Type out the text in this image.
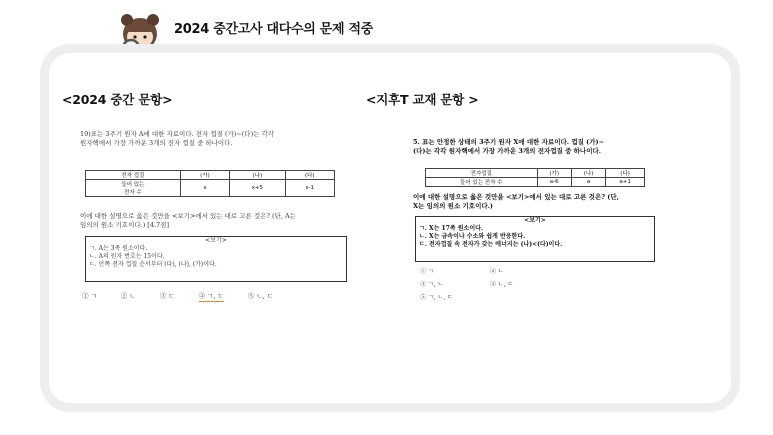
2024 중간고사 대다수의 문제 적중
<2024 중간 문항>	<지후T 교재 문항 >
19)표는 3주기 원자 A에 대한 자료이다. 전자 껍질 (가)~(다)는 각각
원자핵에서 가장 가까운 3개의 전자 껍질 중 하나이다.
전자 껍질	(가)	(나)	(다)

들어 있는
전자 수	x	x+5	x-1
이에 대한 설명으로 옳은 것만을 <보기>에서 있는 대로 고른 것은? (단, A는
임의의 원소 기호이다.) [4.7점]
<보기>
ㄱ. A는 3족 원소이다.
ㄴ. A의 원자 번호는 15이다.
ㄷ. 안쪽 전자 껍질 순서부터 (다), (나), (가)이다.
① ㄱ	② ㄴ	③ ㄷ	④ ㄱ, ㄷ	⑤ ㄴ, ㄷ
5. 표는 안정한 상태의 3주기 원자 X에 대한 자료이다. 껍질 (가)~
(다)는 각각 원자핵에서 가장 가까운 3개의 전자껍질 중 하나이다.
전자껍질	(가)	(나)	(다)
들어 있는 전자 수	a-6	a	a+1
이에 대한 설명으로 옳은 것만을 <보기>에서 있는 대로 고른 것은? (단,
X는 임의의 원소 기호이다.)
<보기>
ㄱ. X는 17족 원소이다.
ㄴ. X는 금속이나 수소와 쉽게 반응한다.
ㄷ. 전자껍질 속 전자가 갖는 에너지는 (나)<(다)이다.
① ㄱ	② ㄴ
③ ㄱ, ㄴ	④ ㄴ, ㄷ
⑤ ㄱ, ㄴ, ㄷ
